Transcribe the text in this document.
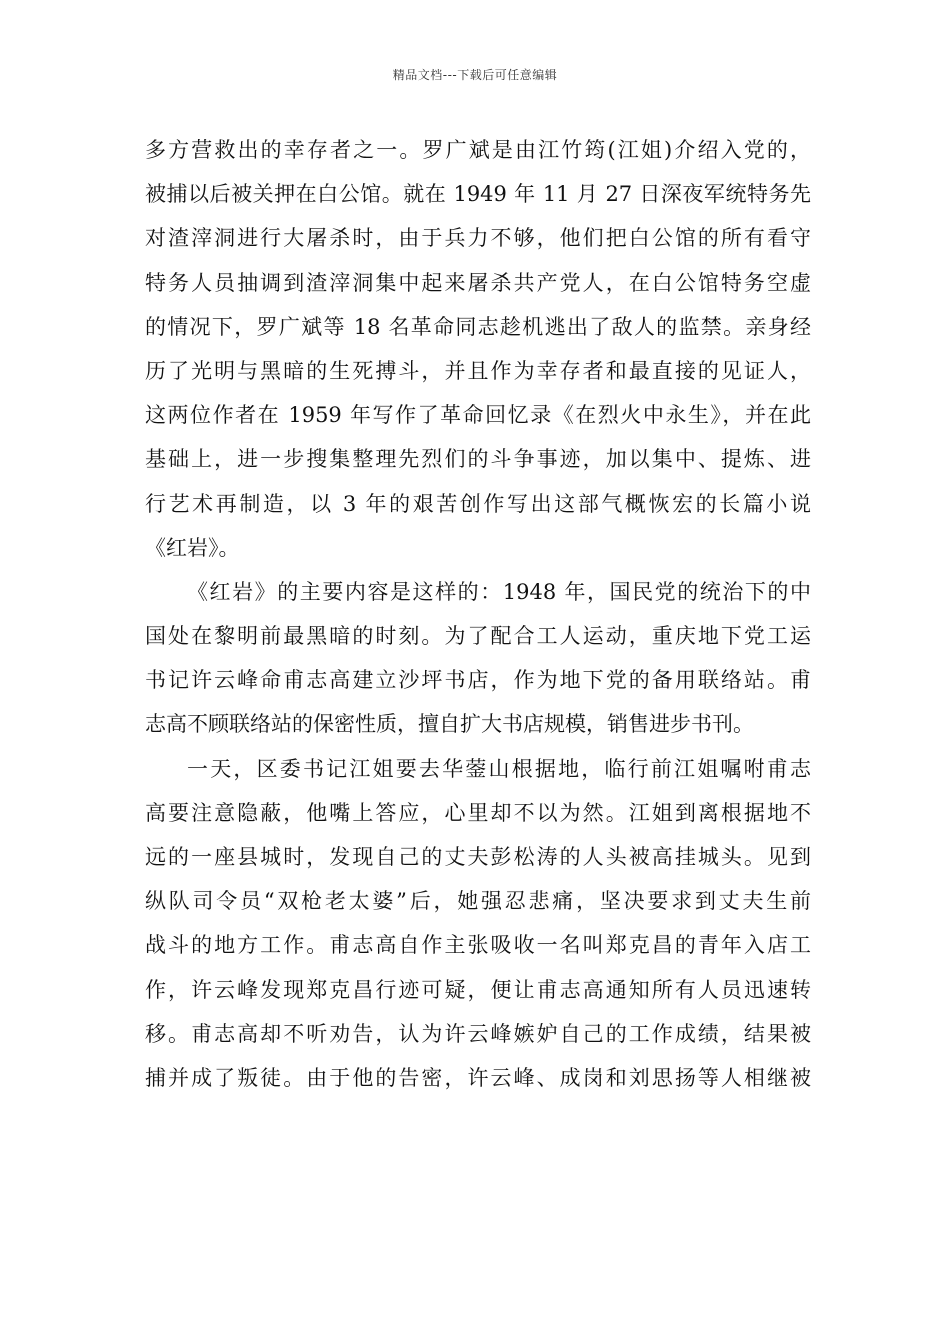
精品文档---下载后可任意编辑
多方营救出的幸存者之一。罗广斌是由江竹筠(江姐)介绍入党的，
被捕以后被关押在白公馆。就在 1949 年 11 月 27 日深夜军统特务先
对渣滓洞进行大屠杀时，由于兵力不够，他们把白公馆的所有看守
特务人员抽调到渣滓洞集中起来屠杀共产党人，在白公馆特务空虚
的情况下，罗广斌等 18 名革命同志趁机逃出了敌人的监禁。亲身经
历了光明与黑暗的生死搏斗，并且作为幸存者和最直接的见证人，
这两位作者在 1959 年写作了革命回忆录《在烈火中永生》，并在此
基础上，进一步搜集整理先烈们的斗争事迹，加以集中、提炼、进
行艺术再制造，以 3 年的艰苦创作写出这部气概恢宏的长篇小说
《红岩》。
《红岩》的主要内容是这样的：1948 年，国民党的统治下的中
国处在黎明前最黑暗的时刻。为了配合工人运动，重庆地下党工运
书记许云峰命甫志高建立沙坪书店，作为地下党的备用联络站。甫
志高不顾联络站的保密性质，擅自扩大书店规模，销售进步书刊。
一天，区委书记江姐要去华蓥山根据地，临行前江姐嘱咐甫志
高要注意隐蔽，他嘴上答应，心里却不以为然。江姐到离根据地不
远的一座县城时，发现自己的丈夫彭松涛的人头被高挂城头。见到
纵队司令员“双枪老太婆”后，她强忍悲痛，坚决要求到丈夫生前
战斗的地方工作。甫志高自作主张吸收一名叫郑克昌的青年入店工
作，许云峰发现郑克昌行迹可疑，便让甫志高通知所有人员迅速转
移。甫志高却不听劝告，认为许云峰嫉妒自己的工作成绩，结果被
捕并成了叛徒。由于他的告密，许云峰、成岗和刘思扬等人相继被
